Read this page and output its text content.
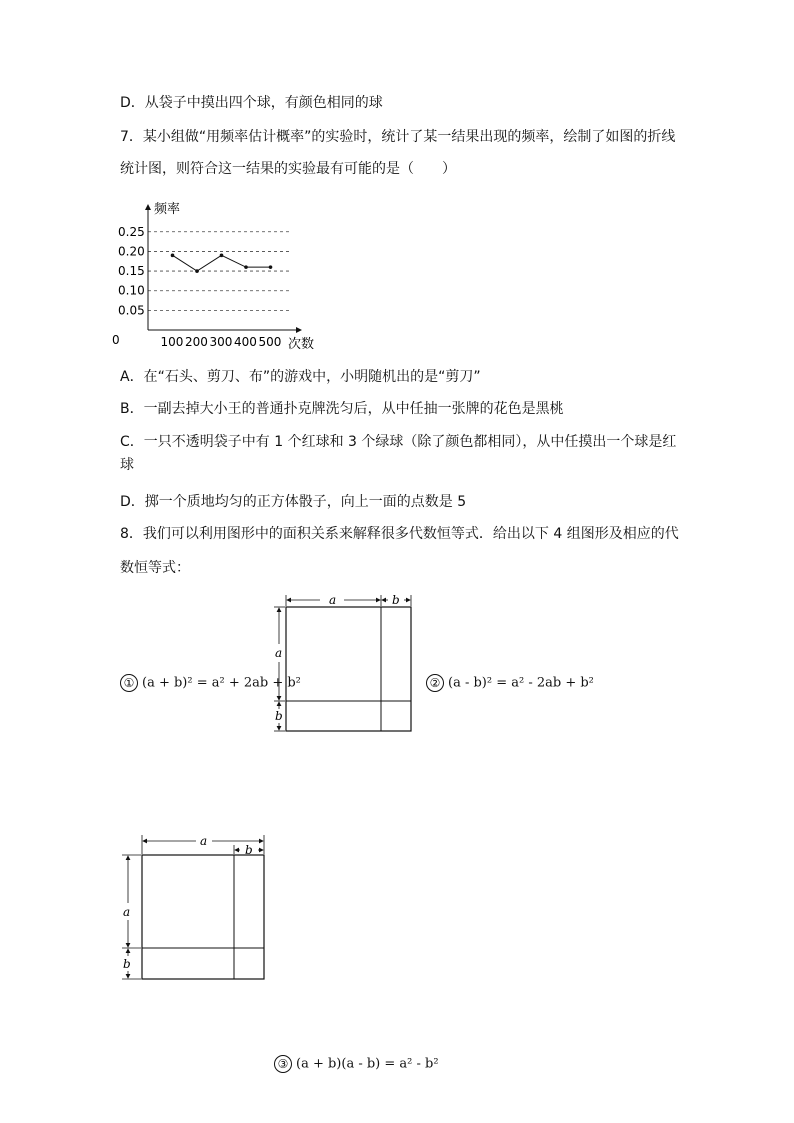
D．从袋子中摸出四个球，有颜色相同的球
7．某小组做“用频率估计概率”的实验时，统计了某一结果出现的频率，绘制了如图的折线
统计图，则符合这一结果的实验最有可能的是（　　）
频率
次数
0
0.25
0.20
0.15
0.10
0.05
100 200 300 400 500
A．在“石头、剪刀、布”的游戏中，小明随机出的是“剪刀”
B．一副去掉大小王的普通扑克牌洗匀后，从中任抽一张牌的花色是黑桃
C．一只不透明袋子中有 1 个红球和 3 个绿球（除了颜色都相同），从中任摸出一个球是红
球
D．掷一个质地均匀的正方体骰子，向上一面的点数是 5
8．我们可以利用图形中的面积关系来解释很多代数恒等式．给出以下 4 组图形及相应的代
数恒等式：
① (a + b)² = a² + 2ab + b²
a	b
a
b
② (a - b)² = a² - 2ab + b²
a
b
a
b
③ (a + b)(a - b) = a² - b²
